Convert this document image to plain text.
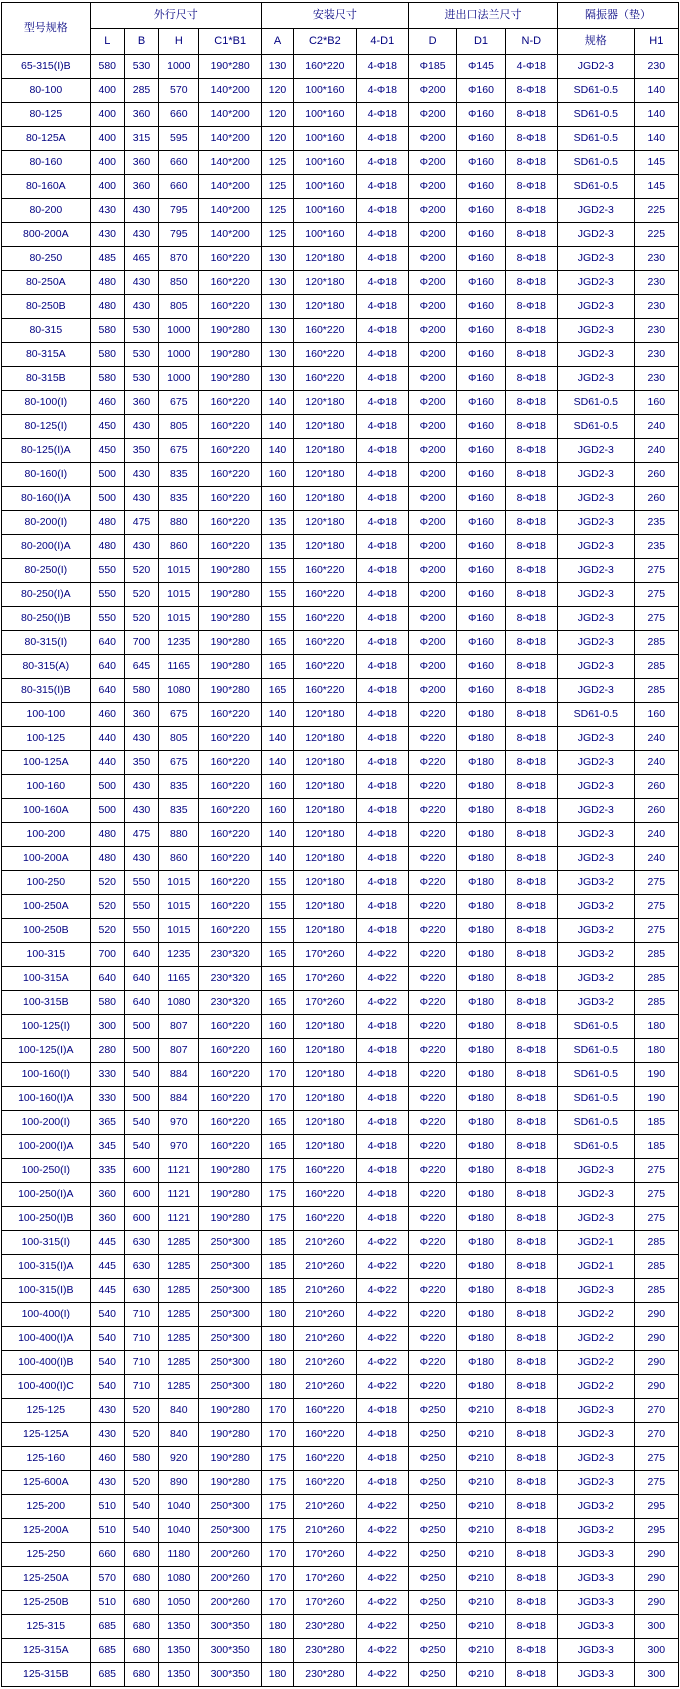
型号规格	外行尺寸				安装尺寸			进出口法兰尺寸			隔振器（垫）	
	L	B	H	C1*B1	A	C2*B2	4-D1	D	D1	N-D	规格	H1
65-315(I)B	580	530	1000	190*280	130	160*220	4-Φ18	Φ185	Φ145	4-Φ18	JGD2-3	230
80-100	400	285	570	140*200	120	100*160	4-Φ18	Φ200	Φ160	8-Φ18	SD61-0.5	140
80-125	400	360	660	140*200	120	100*160	4-Φ18	Φ200	Φ160	8-Φ18	SD61-0.5	140
80-125A	400	315	595	140*200	120	100*160	4-Φ18	Φ200	Φ160	8-Φ18	SD61-0.5	140
80-160	400	360	660	140*200	125	100*160	4-Φ18	Φ200	Φ160	8-Φ18	SD61-0.5	145
80-160A	400	360	660	140*200	125	100*160	4-Φ18	Φ200	Φ160	8-Φ18	SD61-0.5	145
80-200	430	430	795	140*200	125	100*160	4-Φ18	Φ200	Φ160	8-Φ18	JGD2-3	225
800-200A	430	430	795	140*200	125	100*160	4-Φ18	Φ200	Φ160	8-Φ18	JGD2-3	225
80-250	485	465	870	160*220	130	120*180	4-Φ18	Φ200	Φ160	8-Φ18	JGD2-3	230
80-250A	480	430	850	160*220	130	120*180	4-Φ18	Φ200	Φ160	8-Φ18	JGD2-3	230
80-250B	480	430	805	160*220	130	120*180	4-Φ18	Φ200	Φ160	8-Φ18	JGD2-3	230
80-315	580	530	1000	190*280	130	160*220	4-Φ18	Φ200	Φ160	8-Φ18	JGD2-3	230
80-315A	580	530	1000	190*280	130	160*220	4-Φ18	Φ200	Φ160	8-Φ18	JGD2-3	230
80-315B	580	530	1000	190*280	130	160*220	4-Φ18	Φ200	Φ160	8-Φ18	JGD2-3	230
80-100(I)	460	360	675	160*220	140	120*180	4-Φ18	Φ200	Φ160	8-Φ18	SD61-0.5	160
80-125(I)	450	430	805	160*220	140	120*180	4-Φ18	Φ200	Φ160	8-Φ18	SD61-0.5	240
80-125(I)A	450	350	675	160*220	140	120*180	4-Φ18	Φ200	Φ160	8-Φ18	JGD2-3	240
80-160(I)	500	430	835	160*220	160	120*180	4-Φ18	Φ200	Φ160	8-Φ18	JGD2-3	260
80-160(I)A	500	430	835	160*220	160	120*180	4-Φ18	Φ200	Φ160	8-Φ18	JGD2-3	260
80-200(I)	480	475	880	160*220	135	120*180	4-Φ18	Φ200	Φ160	8-Φ18	JGD2-3	235
80-200(I)A	480	430	860	160*220	135	120*180	4-Φ18	Φ200	Φ160	8-Φ18	JGD2-3	235
80-250(I)	550	520	1015	190*280	155	160*220	4-Φ18	Φ200	Φ160	8-Φ18	JGD2-3	275
80-250(I)A	550	520	1015	190*280	155	160*220	4-Φ18	Φ200	Φ160	8-Φ18	JGD2-3	275
80-250(I)B	550	520	1015	190*280	155	160*220	4-Φ18	Φ200	Φ160	8-Φ18	JGD2-3	275
80-315(I)	640	700	1235	190*280	165	160*220	4-Φ18	Φ200	Φ160	8-Φ18	JGD2-3	285
80-315(A)	640	645	1165	190*280	165	160*220	4-Φ18	Φ200	Φ160	8-Φ18	JGD2-3	285
80-315(I)B	640	580	1080	190*280	165	160*220	4-Φ18	Φ200	Φ160	8-Φ18	JGD2-3	285
100-100	460	360	675	160*220	140	120*180	4-Φ18	Φ220	Φ180	8-Φ18	SD61-0.5	160
100-125	440	430	805	160*220	140	120*180	4-Φ18	Φ220	Φ180	8-Φ18	JGD2-3	240
100-125A	440	350	675	160*220	140	120*180	4-Φ18	Φ220	Φ180	8-Φ18	JGD2-3	240
100-160	500	430	835	160*220	160	120*180	4-Φ18	Φ220	Φ180	8-Φ18	JGD2-3	260
100-160A	500	430	835	160*220	160	120*180	4-Φ18	Φ220	Φ180	8-Φ18	JGD2-3	260
100-200	480	475	880	160*220	140	120*180	4-Φ18	Φ220	Φ180	8-Φ18	JGD2-3	240
100-200A	480	430	860	160*220	140	120*180	4-Φ18	Φ220	Φ180	8-Φ18	JGD2-3	240
100-250	520	550	1015	160*220	155	120*180	4-Φ18	Φ220	Φ180	8-Φ18	JGD3-2	275
100-250A	520	550	1015	160*220	155	120*180	4-Φ18	Φ220	Φ180	8-Φ18	JGD3-2	275
100-250B	520	550	1015	160*220	155	120*180	4-Φ18	Φ220	Φ180	8-Φ18	JGD3-2	275
100-315	700	640	1235	230*320	165	170*260	4-Φ22	Φ220	Φ180	8-Φ18	JGD3-2	285
100-315A	640	640	1165	230*320	165	170*260	4-Φ22	Φ220	Φ180	8-Φ18	JGD3-2	285
100-315B	580	640	1080	230*320	165	170*260	4-Φ22	Φ220	Φ180	8-Φ18	JGD3-2	285
100-125(I)	300	500	807	160*220	160	120*180	4-Φ18	Φ220	Φ180	8-Φ18	SD61-0.5	180
100-125(I)A	280	500	807	160*220	160	120*180	4-Φ18	Φ220	Φ180	8-Φ18	SD61-0.5	180
100-160(I)	330	540	884	160*220	170	120*180	4-Φ18	Φ220	Φ180	8-Φ18	SD61-0.5	190
100-160(I)A	330	500	884	160*220	170	120*180	4-Φ18	Φ220	Φ180	8-Φ18	SD61-0.5	190
100-200(I)	365	540	970	160*220	165	120*180	4-Φ18	Φ220	Φ180	8-Φ18	SD61-0.5	185
100-200(I)A	345	540	970	160*220	165	120*180	4-Φ18	Φ220	Φ180	8-Φ18	SD61-0.5	185
100-250(I)	335	600	1121	190*280	175	160*220	4-Φ18	Φ220	Φ180	8-Φ18	JGD2-3	275
100-250(I)A	360	600	1121	190*280	175	160*220	4-Φ18	Φ220	Φ180	8-Φ18	JGD2-3	275
100-250(I)B	360	600	1121	190*280	175	160*220	4-Φ18	Φ220	Φ180	8-Φ18	JGD2-3	275
100-315(I)	445	630	1285	250*300	185	210*260	4-Φ22	Φ220	Φ180	8-Φ18	JGD2-1	285
100-315(I)A	445	630	1285	250*300	185	210*260	4-Φ22	Φ220	Φ180	8-Φ18	JGD2-1	285
100-315(I)B	445	630	1285	250*300	185	210*260	4-Φ22	Φ220	Φ180	8-Φ18	JGD2-3	285
100-400(I)	540	710	1285	250*300	180	210*260	4-Φ22	Φ220	Φ180	8-Φ18	JGD2-2	290
100-400(I)A	540	710	1285	250*300	180	210*260	4-Φ22	Φ220	Φ180	8-Φ18	JGD2-2	290
100-400(I)B	540	710	1285	250*300	180	210*260	4-Φ22	Φ220	Φ180	8-Φ18	JGD2-2	290
100-400(I)C	540	710	1285	250*300	180	210*260	4-Φ22	Φ220	Φ180	8-Φ18	JGD2-2	290
125-125	430	520	840	190*280	170	160*220	4-Φ18	Φ250	Φ210	8-Φ18	JGD2-3	270
125-125A	430	520	840	190*280	170	160*220	4-Φ18	Φ250	Φ210	8-Φ18	JGD2-3	270
125-160	460	580	920	190*280	175	160*220	4-Φ18	Φ250	Φ210	8-Φ18	JGD2-3	275
125-600A	430	520	890	190*280	175	160*220	4-Φ18	Φ250	Φ210	8-Φ18	JGD2-3	275
125-200	510	540	1040	250*300	175	210*260	4-Φ22	Φ250	Φ210	8-Φ18	JGD3-2	295
125-200A	510	540	1040	250*300	175	210*260	4-Φ22	Φ250	Φ210	8-Φ18	JGD3-2	295
125-250	660	680	1180	200*260	170	170*260	4-Φ22	Φ250	Φ210	8-Φ18	JGD3-3	290
125-250A	570	680	1080	200*260	170	170*260	4-Φ22	Φ250	Φ210	8-Φ18	JGD3-3	290
125-250B	510	680	1050	200*260	170	170*260	4-Φ22	Φ250	Φ210	8-Φ18	JGD3-3	290
125-315	685	680	1350	300*350	180	230*280	4-Φ22	Φ250	Φ210	8-Φ18	JGD3-3	300
125-315A	685	680	1350	300*350	180	230*280	4-Φ22	Φ250	Φ210	8-Φ18	JGD3-3	300
125-315B	685	680	1350	300*350	180	230*280	4-Φ22	Φ250	Φ210	8-Φ18	JGD3-3	300
